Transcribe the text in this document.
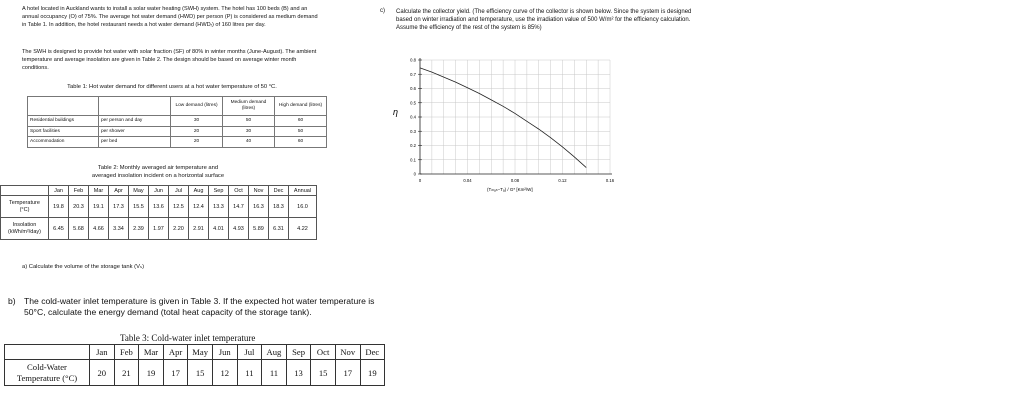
A hotel located in Auckland wants to install a solar water heating (SWH) system. The hotel has 100 beds (B) and an annual occupancy (O) of 75%. The average hot water demand (HWD) per person (P) is considered as medium demand in Table 1. In addition, the hotel restaurant needs a hot water demand (HWDᵣ) of 160 litres per day.

The SWH is designed to provide hot water with solar fraction (SF) of 80% in winter months (June-August). The ambient temperature and average insolation are given in Table 2. The design should be based on average winter month conditions.

Table 1: Hot water demand for different users at a hot water temperature of 50 °C.
		Low demand (litres)	Medium demand (litres)	High demand (litres)
Residential buildings	per person and day	30	50	60
Sport facilities	per shower	20	30	50
Accommodation	per bed	20	40	60
Table 2: Monthly averaged air temperature and
averaged insolation incident on a horizontal surface
	Jan	Feb	Mar	Apr	May	Jun	Jul	Aug	Sep	Oct	Nov	Dec	Annual

Temperature
(°C)	19.8	20.3	19.1	17.3	15.5	13.6	12.5	12.4	13.3	14.7	16.3	18.3	16.0

Insolation
(kWh/m²/day)	6.45	5.68	4.66	3.34	2.39	1.97	2.20	2.91	4.01	4.93	5.89	6.31	4.22
a) Calculate the volume of the storage tank (Vₛ)
b) The cold-water inlet temperature is given in Table 3. If the expected hot water temperature is 50°C, calculate the energy demand (total heat capacity of the storage tank).
Table 3: Cold-water inlet temperature
	Jan	Feb	Mar	Apr	May	Jun	Jul	Aug	Sep	Oct	Nov	Dec

Cold-Water
Temperature (°C)	20	21	19	17	15	12	11	11	13	15	17	19
c) Calculate the collector yield. (The efficiency curve of the collector is shown below. Since the system is designed based on winter irradiation and temperature, use the irradiation value of 500 W/m² for the efficiency calculation. Assume the efficiency of the rest of the system is 85%)
0
0.1
0.2
0.3
0.4
0.5
0.6
0.7
0.8
0	0.04	0.08	0.12	0.16
η
(Tₘₐₙ−Tₐ) / G* [Km²/W]
